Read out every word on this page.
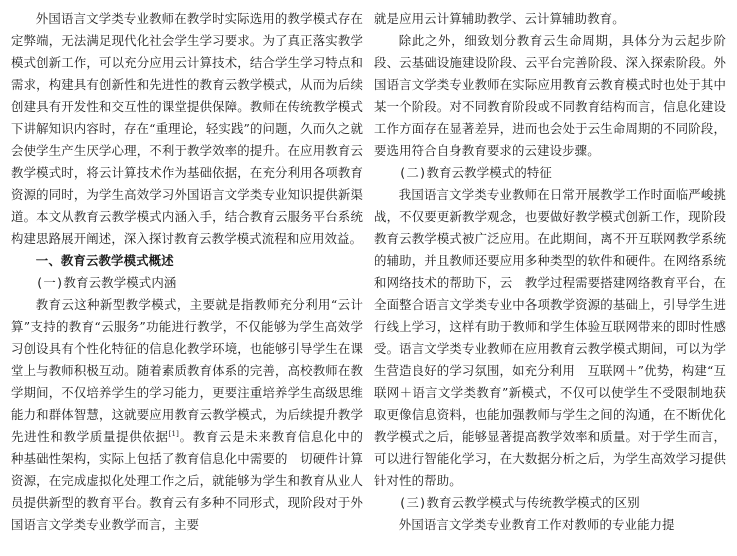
外国语言文学类专业教师在教学时实际选用的教学模式存在　定弊端，无法满足现代化社会学生学习要求。为了真正落实教学模式创新工作，可以充分应用云计算技术，结合学生学习特点和需求，构建具有创新性和先进性的教育云教学模式，从而为后续创建具有开发性和交互性的课堂提供保障。教师在传统教学模式下讲解知识内容时，存在“重理论，轻实践”的问题，久而久之就会使学生产生厌学心理，不利于教学效率的提升。在应用教育云教学模式时，将云计算技术作为基础依据，在充分利用各项教育资源的同时，为学生高效学习外国语言文学类专业知识提供新渠道。本文从教育云教学模式内涵入手，结合教育云服务平台系统构建思路展开阐述，深入探讨教育云教学模式流程和应用效益。

一、教育云教学模式概述
(一)教育云教学模式内涵

教育云这种新型教学模式，主要就是指教师充分利用“云计算”支持的教育“云服务”功能进行教学，不仅能够为学生高效学习创设具有个性化特征的信息化教学环境，也能够引导学生在课堂上与教师积极互动。随着素质教育体系的完善，高校教师在教学期间，不仅培养学生的学习能力，更要注重培养学生高级思维能力和群体智慧，这就要应用教育云教学模式，为后续提升教学先进性和教学质量提供依据[1]。教育云是未来教育信息化中的　种基础性架构，实际上包括了教育信息化中需要的　切硬件计算资源，在完成虚拟化处理工作之后，就能够为学生和教育从业人员提供新型的教育平台。教育云有多种不同形式，现阶段对于外国语言文学类专业教学而言，主要

就是应用云计算辅助教学、云计算辅助教育。

除此之外，细致划分教育云生命周期，具体分为云起步阶段、云基础设施建设阶段、云平台完善阶段、深入探索阶段。外国语言文学类专业教师在实际应用教育云教育模式时也处于其中某一个阶段。对不同教育阶段或不同教育结构而言，信息化建设工作方面存在显著差异，进而也会处于云生命周期的不同阶段，要选用符合自身教育要求的云建设步骤。

(二)教育云教学模式的特征

我国语言文学类专业教师在日常开展教学工作时面临严峻挑战，不仅要更新教学观念，也要做好教学模式创新工作，现阶段教育云教学模式被广泛应用。在此期间，离不开互联网教学系统的辅助，并且教师还要应用多种类型的软件和硬件。在网络系统和网络技术的帮助下，云　教学过程需要搭建网络教育平台，在全面整合语言文学类专业中各项教学资源的基础上，引导学生进行线上学习，这样有助于教师和学生体验互联网带来的即时性感受。语言文学类专业教师在应用教育云教学模式期间，可以为学生营造良好的学习氛围，如充分利用　互联网＋”优势，构建“互联网＋语言文学类教育”新模式，不仅可以使学生不受限制地获取更像信息资料，也能加强教师与学生之间的沟通，在不断优化教学模式之后，能够显著提高教学效率和质量。对于学生而言，可以进行智能化学习，在大数据分析之后，为学生高效学习提供针对性的帮助。

(三)教育云教学模式与传统教学模式的区别

外国语言文学类专业教育工作对教师的专业能力提
